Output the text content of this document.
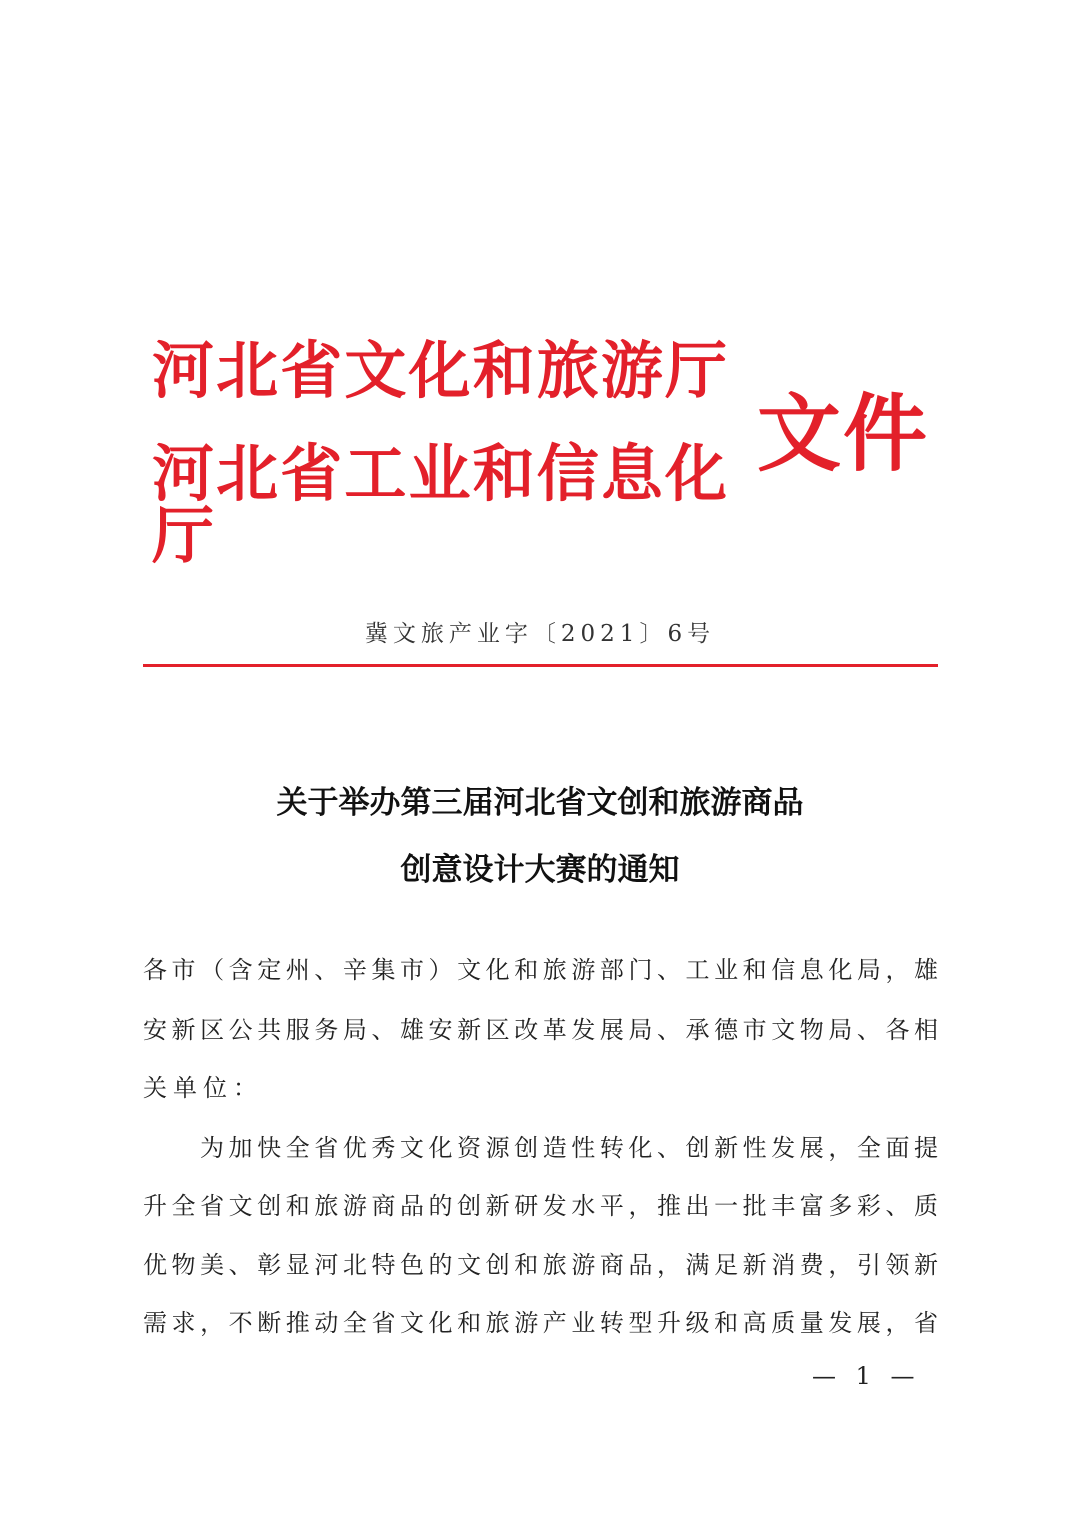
河北省文化和旅游厅
河北省工业和信息化厅
文件
冀文旅产业字〔2021〕6号
关于举办第三届河北省文创和旅游商品
创意设计大赛的通知
各市（含定州、辛集市）文化和旅游部门、工业和信息化局，雄
安新区公共服务局、雄安新区改革发展局、承德市文物局、各相
关单位：
为加快全省优秀文化资源创造性转化、创新性发展，全面提
升全省文创和旅游商品的创新研发水平，推出一批丰富多彩、质
优物美、彰显河北特色的文创和旅游商品，满足新消费，引领新
需求，不断推动全省文化和旅游产业转型升级和高质量发展，省
— 1 —
